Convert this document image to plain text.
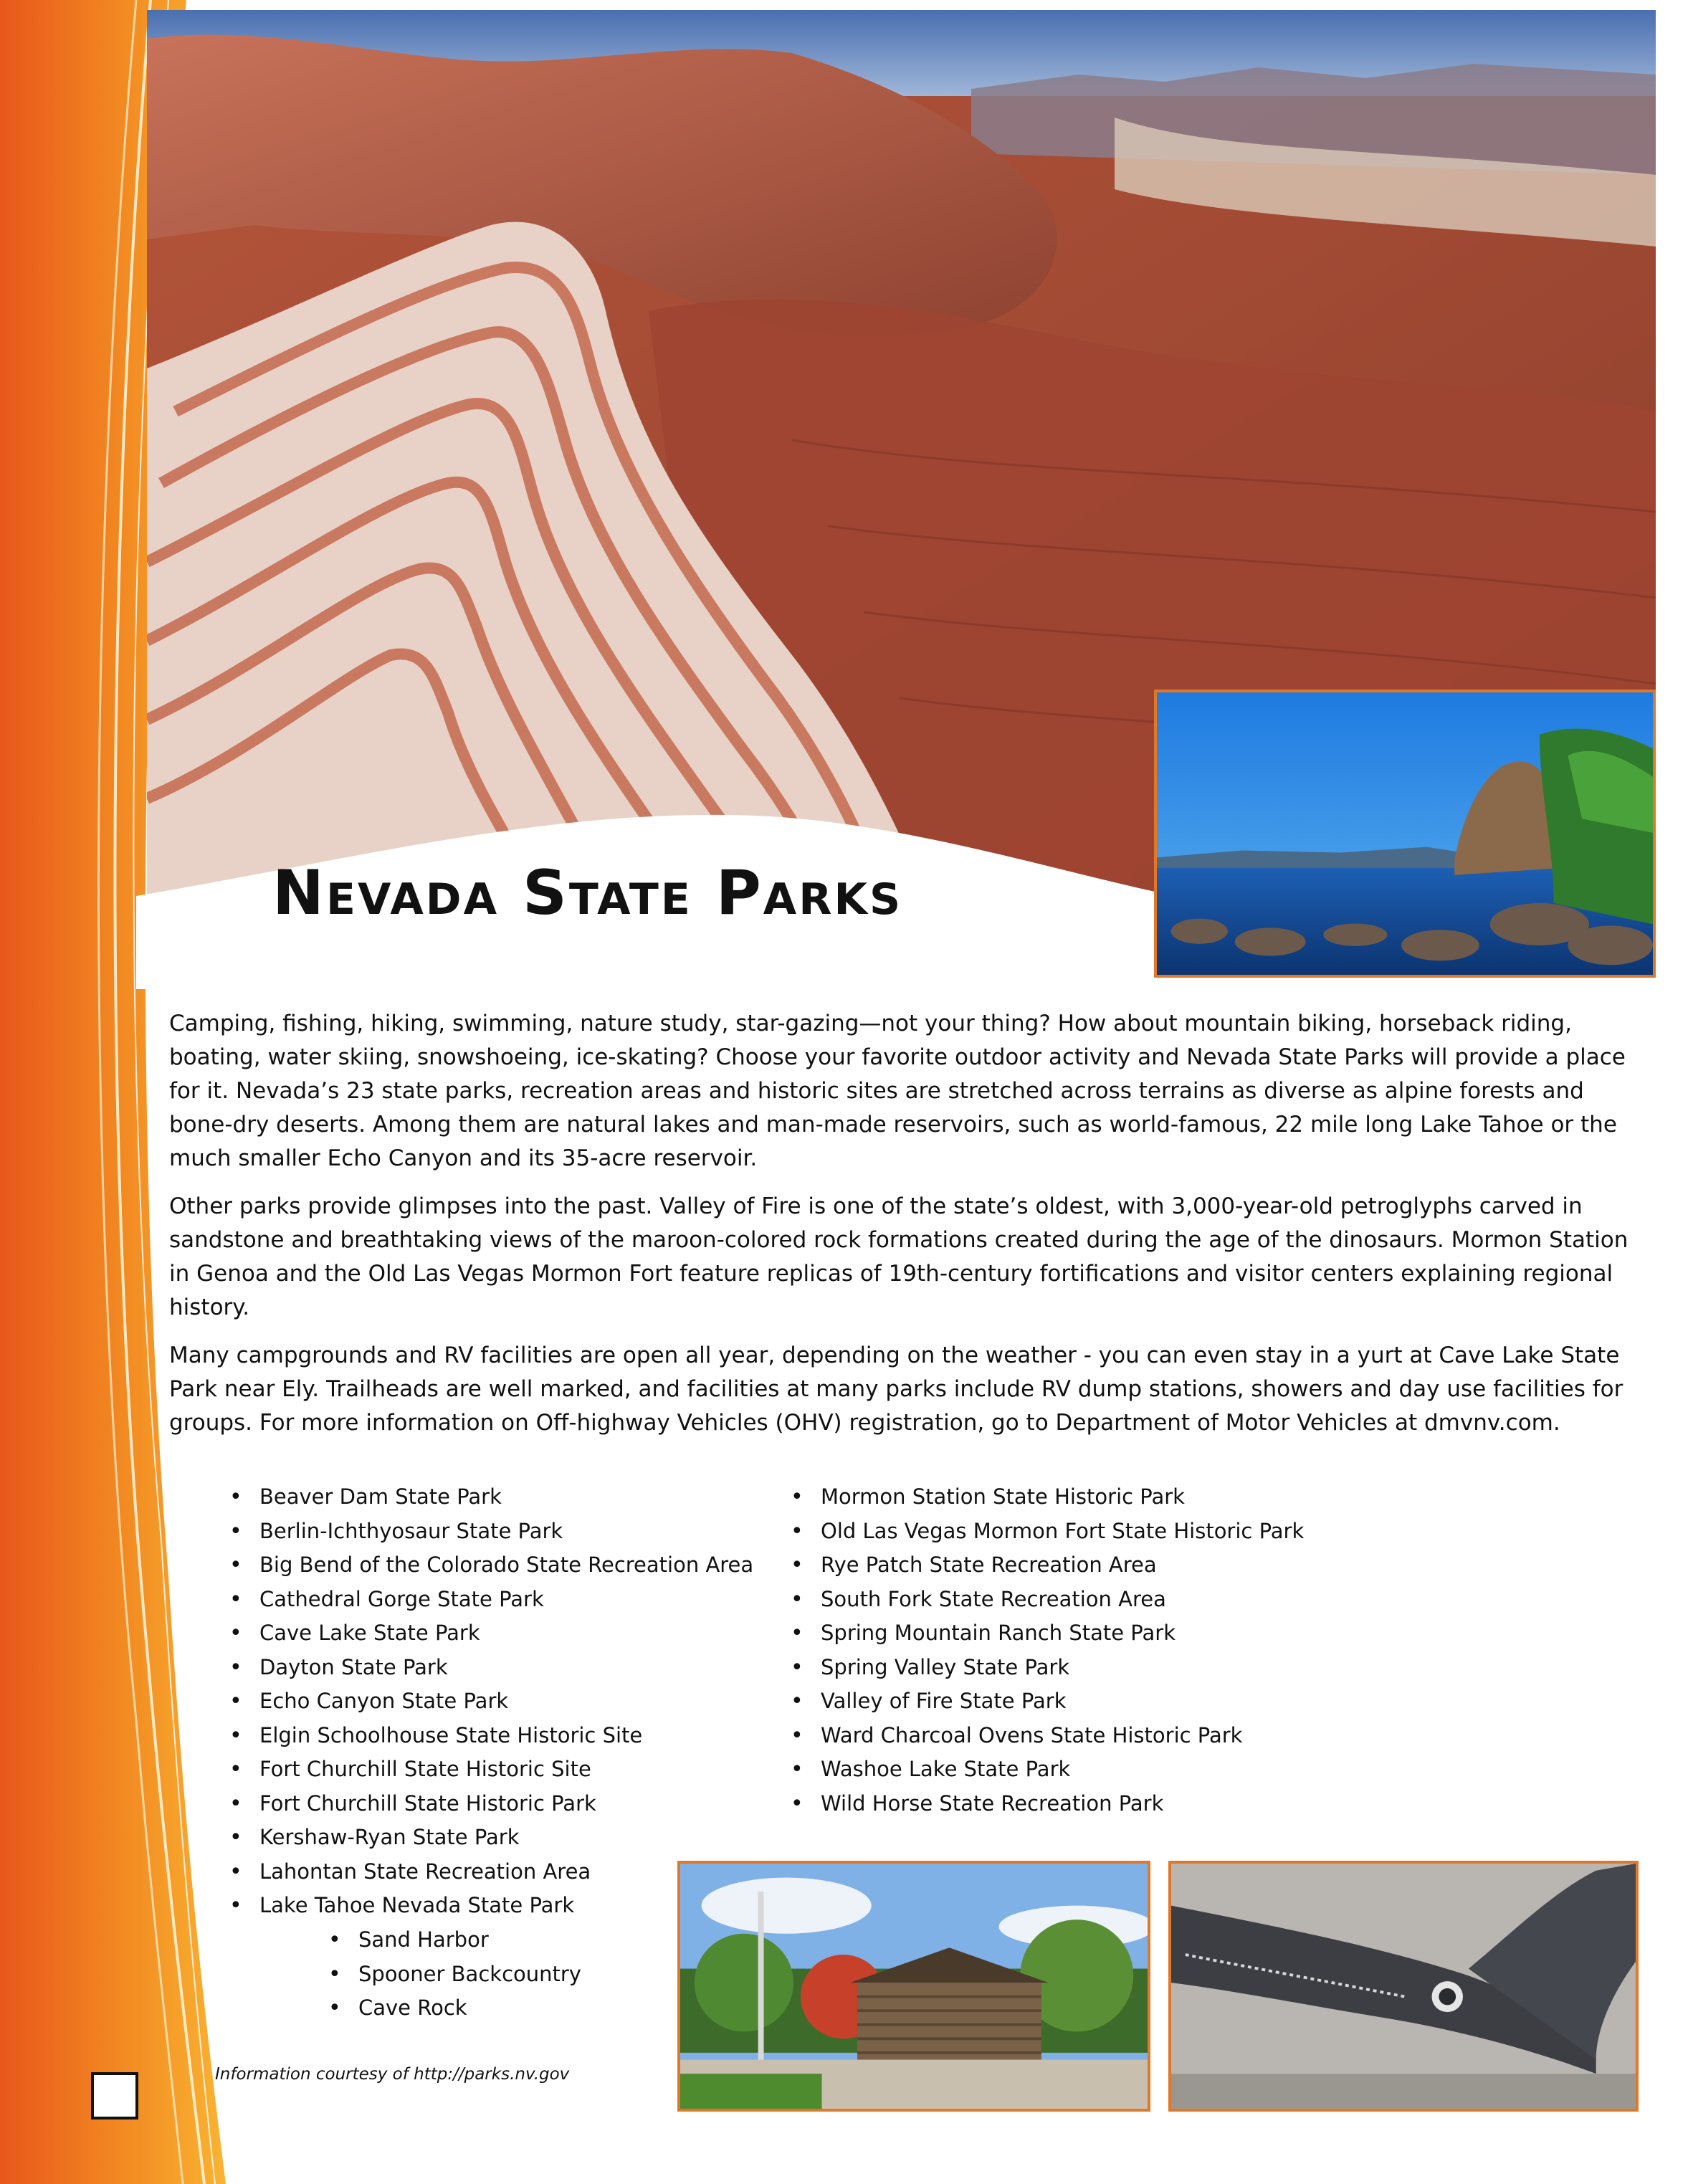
Nevada State Parks

Camping, fishing, hiking, swimming, nature study, star-gazing—not your thing? How about mountain biking, horseback riding, boating, water skiing, snowshoeing, ice-skating? Choose your favorite outdoor activity and Nevada State Parks will provide a place for it. Nevada’s 23 state parks, recreation areas and historic sites are stretched across terrains as diverse as alpine forests and bone-dry deserts. Among them are natural lakes and man-made reservoirs, such as world-famous, 22 mile long Lake Tahoe or the much smaller Echo Canyon and its 35-acre reservoir.

Other parks provide glimpses into the past. Valley of Fire is one of the state’s oldest, with 3,000-year-old petroglyphs carved in sandstone and breathtaking views of the maroon-colored rock formations created during the age of the dinosaurs. Mormon Station in Genoa and the Old Las Vegas Mormon Fort feature replicas of 19th-century fortifications and visitor centers explaining regional history.

Many campgrounds and RV facilities are open all year, depending on the weather - you can even stay in a yurt at Cave Lake State Park near Ely. Trailheads are well marked, and facilities at many parks include RV dump stations, showers and day use facilities for groups. For more information on Off-highway Vehicles (OHV) registration, go to Department of Motor Vehicles at dmvnv.com.

• Beaver Dam State Park
• Berlin-Ichthyosaur State Park
• Big Bend of the Colorado State Recreation Area
• Cathedral Gorge State Park
• Cave Lake State Park
• Dayton State Park
• Echo Canyon State Park
• Elgin Schoolhouse State Historic Site
• Fort Churchill State Historic Site
• Fort Churchill State Historic Park
• Kershaw-Ryan State Park
• Lahontan State Recreation Area
• Lake Tahoe Nevada State Park
• Sand Harbor
• Spooner Backcountry
• Cave Rock
• Mormon Station State Historic Park
• Old Las Vegas Mormon Fort State Historic Park
• Rye Patch State Recreation Area
• South Fork State Recreation Area
• Spring Mountain Ranch State Park
• Spring Valley State Park
• Valley of Fire State Park
• Ward Charcoal Ovens State Historic Park
• Washoe Lake State Park
• Wild Horse State Recreation Park
Information courtesy of http://parks.nv.gov
